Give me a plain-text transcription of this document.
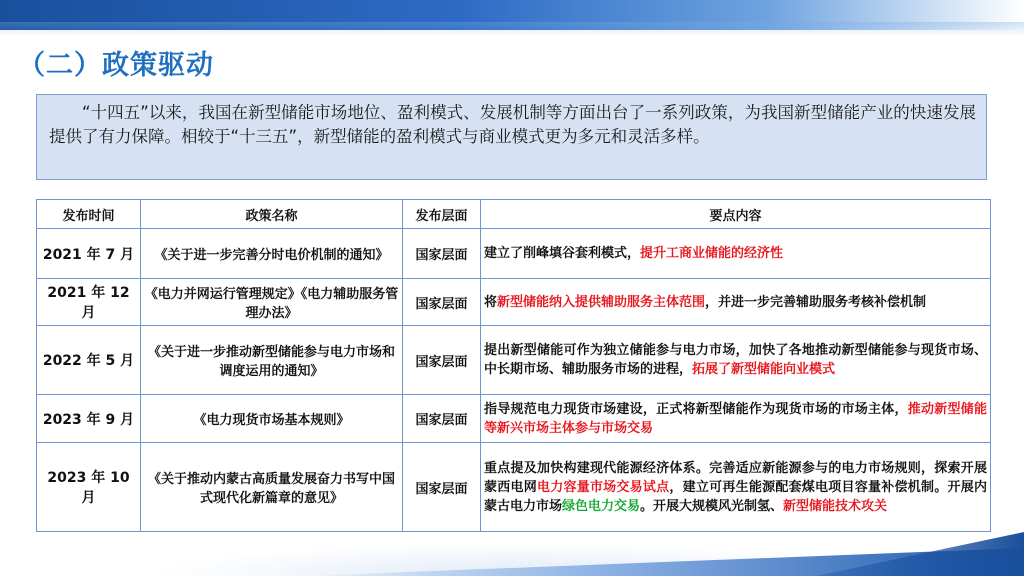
（二）政策驱动
“十四五”以来，我国在新型储能市场地位、盈利模式、发展机制等方面出台了一系列政策，为我国新型储能产业的快速发展提供了有力保障。相较于“十三五”，新型储能的盈利模式与商业模式更为多元和灵活多样。
发布时间	政策名称	发布层面	要点内容
2021 年 7 月	《关于进一步完善分时电价机制的通知》	国家层面	建立了削峰填谷套利模式，提升工商业储能的经济性
2021 年 12 月	《电力并网运行管理规定》《电力辅助服务管理办法》	国家层面	将新型储能纳入提供辅助服务主体范围，并进一步完善辅助服务考核补偿机制
2022 年 5 月	《关于进一步推动新型储能参与电力市场和调度运用的通知》	国家层面	提出新型储能可作为独立储能参与电力市场，加快了各地推动新型储能参与现货市场、中长期市场、辅助服务市场的进程，拓展了新型储能向业模式
2023 年 9 月	《电力现货市场基本规则》	国家层面	指导规范电力现货市场建设，正式将新型储能作为现货市场的市场主体，推动新型储能等新兴市场主体参与市场交易
2023 年 10 月	《关于推动内蒙古高质量发展奋力书写中国式现代化新篇章的意见》	国家层面	重点提及加快构建现代能源经济体系。完善适应新能源参与的电力市场规则，探索开展蒙西电网电力容量市场交易试点，建立可再生能源配套煤电项目容量补偿机制。开展内蒙古电力市场绿色电力交易。开展大规模风光制氢、新型储能技术攻关
